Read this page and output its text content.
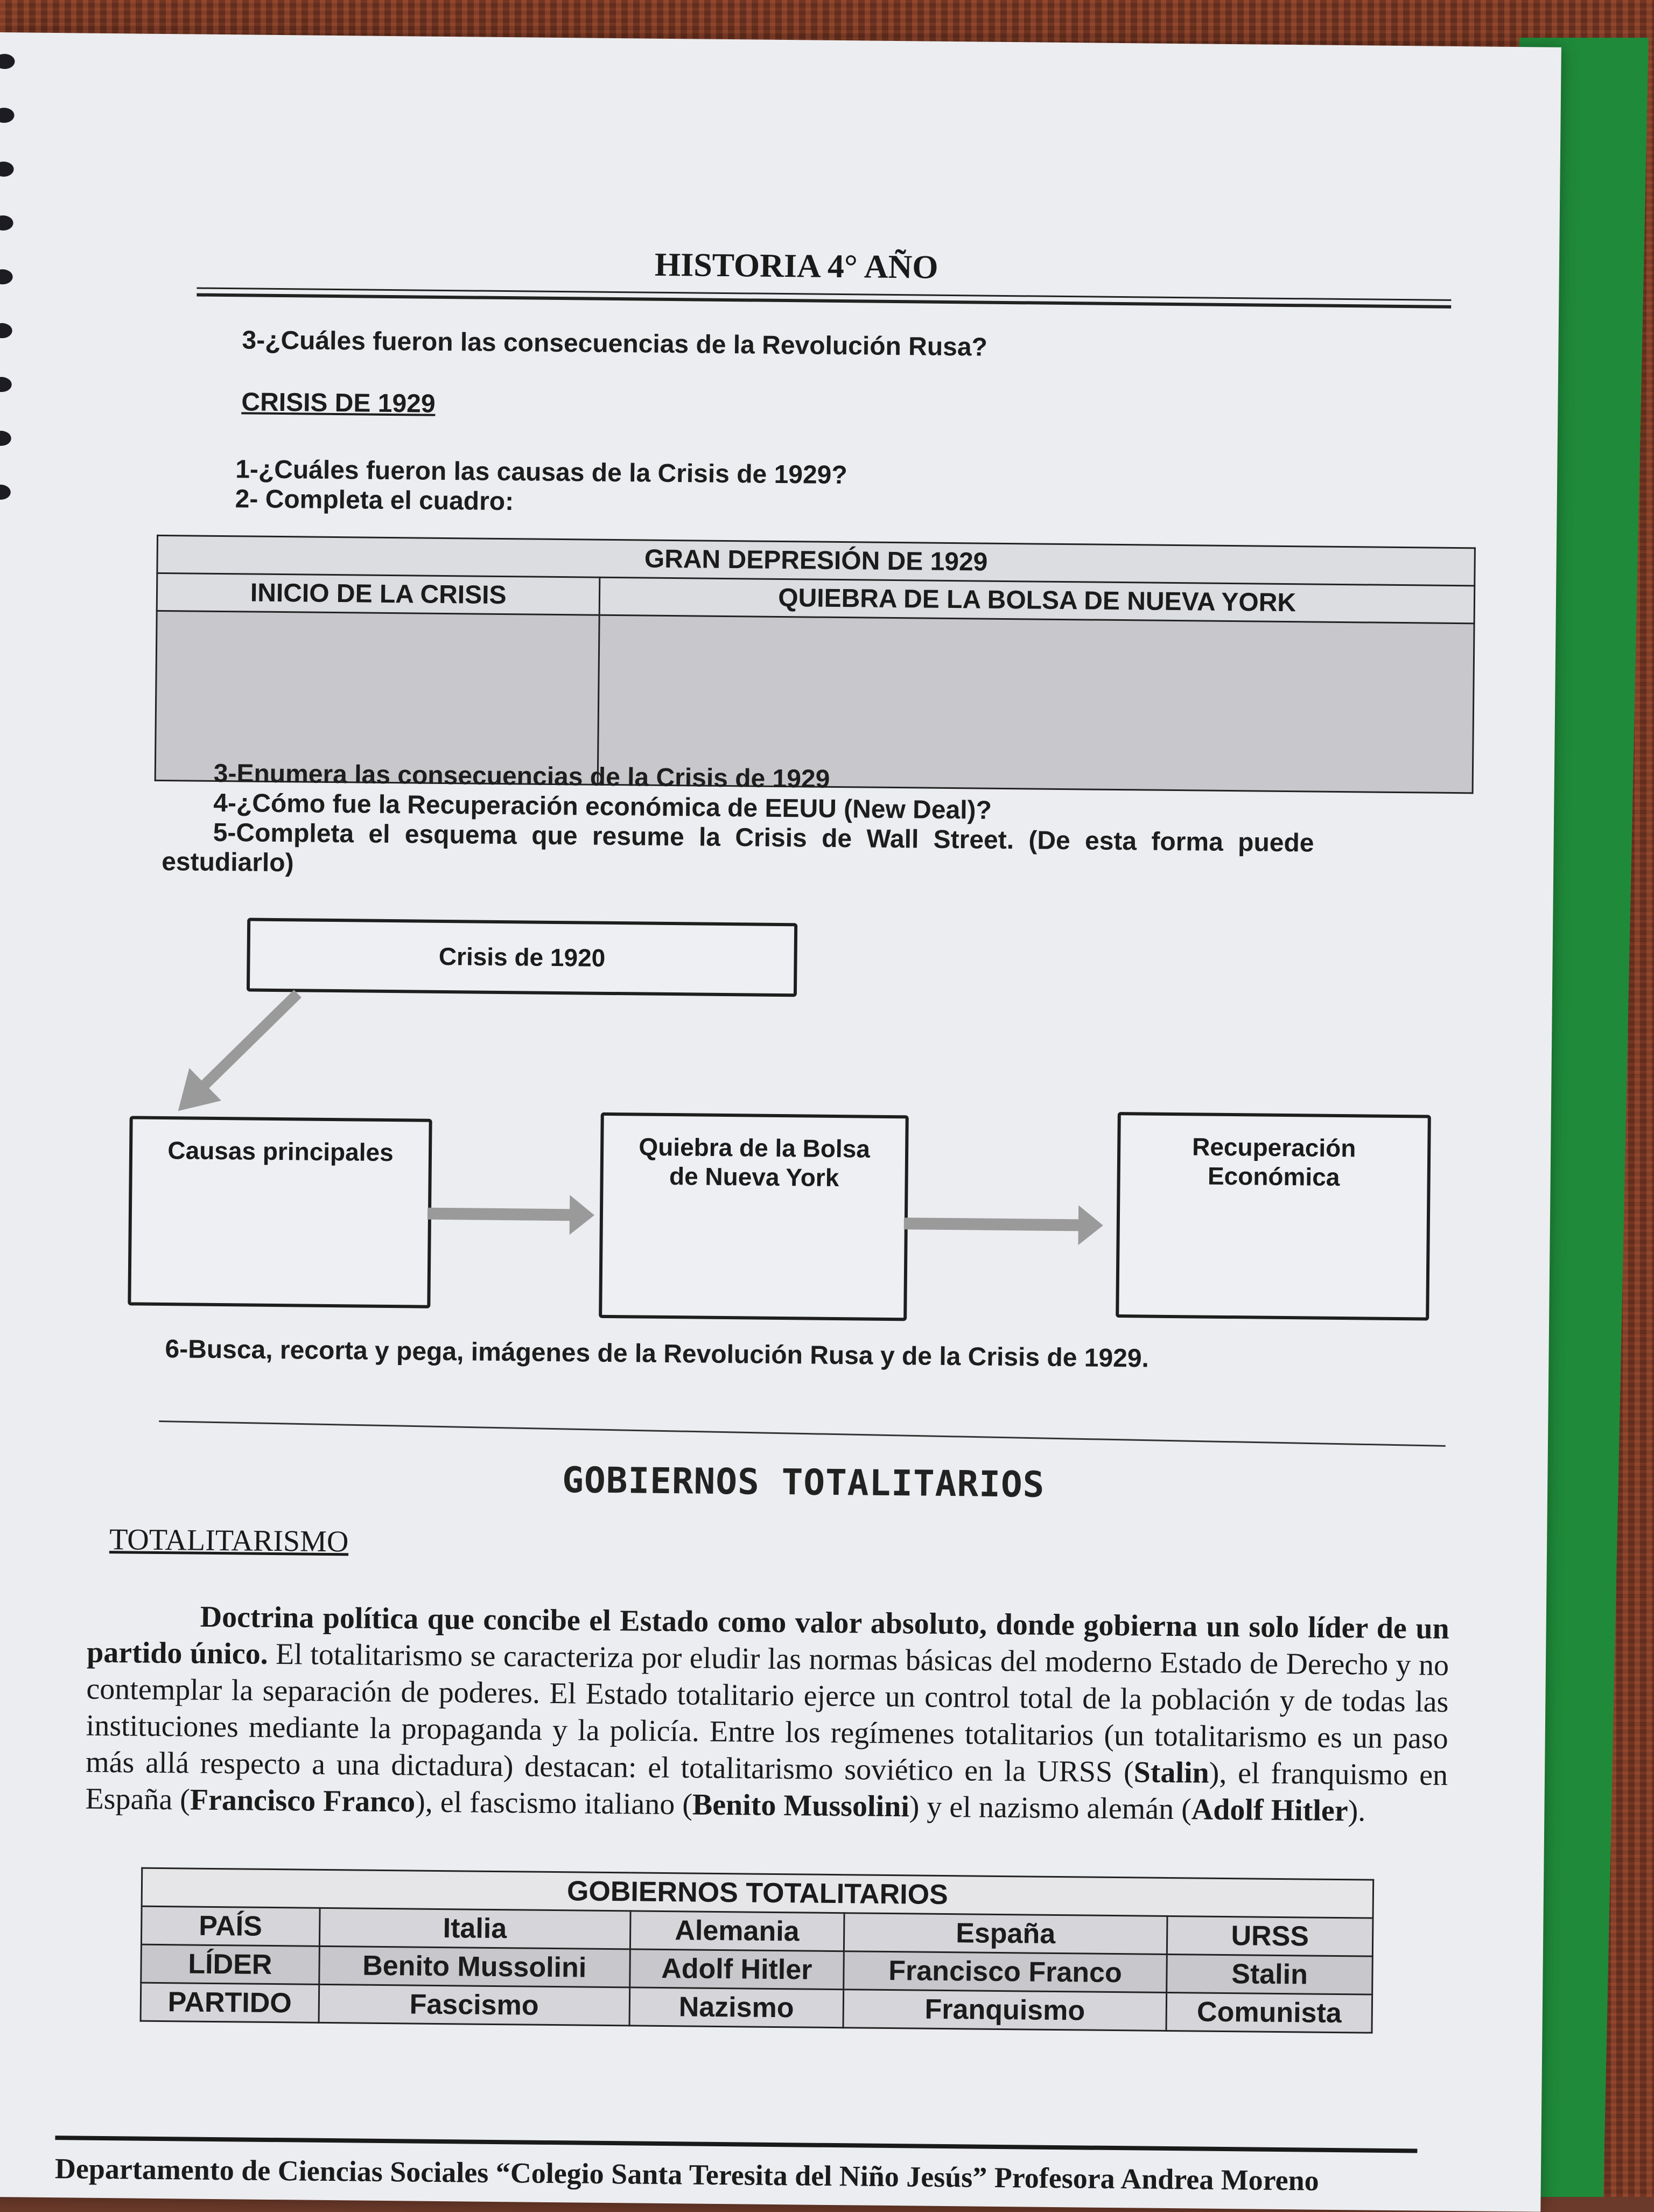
HISTORIA 4° AÑO
3-¿Cuáles fueron las consecuencias de la Revolución Rusa?
CRISIS DE 1929
1-¿Cuáles fueron las causas de la Crisis de 1929?
2- Completa el cuadro:
GRAN DEPRESIÓN DE 1929	
INICIO DE LA CRISIS	QUIEBRA DE LA BOLSA DE NUEVA YORK

3-Enumera las consecuencias de la Crisis de 1929
4-¿Cómo fue la Recuperación económica de EEUU (New Deal)?
5-Completa el esquema que resume la Crisis de Wall Street. (De esta forma puede
estudiarlo)
Crisis de 1920
Causas principales	Quiebra de la Bolsa
de Nueva York
Recuperación
Económica
6-Busca, recorta y pega, imágenes de la Revolución Rusa y de la Crisis de 1929.
GOBIERNOS TOTALITARIOS
TOTALITARISMO
Doctrina política que concibe el Estado como valor absoluto, donde gobierna un solo líder de un partido único. El totalitarismo se caracteriza por eludir las normas básicas del moderno Estado de Derecho y no contemplar la separación de poderes. El Estado totalitario ejerce un control total de la población y de todas las instituciones mediante la propaganda y la policía. Entre los regímenes totalitarios (un totalitarismo es un paso más allá respecto a una dictadura) destacan: el totalitarismo soviético en la URSS (Stalin), el franquismo en España (Francisco Franco), el fascismo italiano (Benito Mussolini) y el nazismo alemán (Adolf Hitler).
GOBIERNOS TOTALITARIOS				
PAÍS	Italia	Alemania	España	URSS
LÍDER	Benito Mussolini	Adolf Hitler	Francisco Franco	Stalin
PARTIDO	Fascismo	Nazismo	Franquismo	Comunista
Departamento de Ciencias Sociales “Colegio Santa Teresita del Niño Jesús” Profesora Andrea Moreno
